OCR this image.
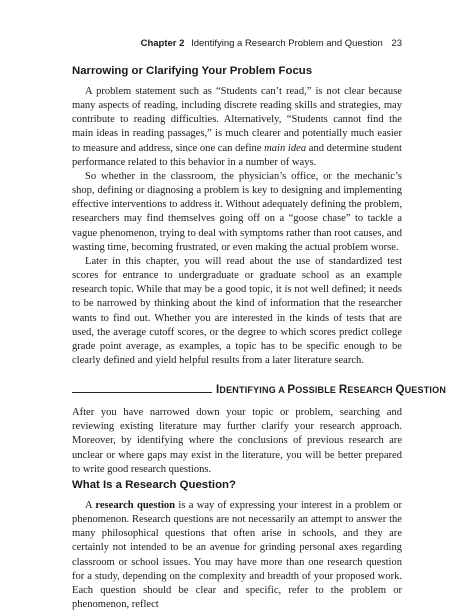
Chapter 2 Identifying a Research Problem and Question 23
Narrowing or Clarifying Your Problem Focus

A problem statement such as “Students can’t read,” is not clear because many aspects of reading, including discrete reading skills and strategies, may contribute to reading difficulties. Alternatively, “Students cannot find the main ideas in reading passages,” is much clearer and potentially much easier to measure and address, since one can define main idea and determine student performance related to this behavior in a number of ways.

So whether in the classroom, the physician’s office, or the mechanic’s shop, defining or diagnosing a problem is key to designing and implementing effective interventions to address it. Without adequately defining the problem, researchers may find themselves going off on a “goose chase” to tackle a vague phenomenon, trying to deal with symptoms rather than root causes, and wasting time, becoming frustrated, or even making the actual problem worse.

Later in this chapter, you will read about the use of standardized test scores for entrance to undergraduate or graduate school as an example research topic. While that may be a good topic, it is not well defined; it needs to be narrowed by thinking about the kind of information that the researcher wants to find out. Whether you are interested in the kinds of tests that are used, the average cutoff scores, or the degree to which scores predict college grade point average, as examples, a topic has to be specific enough to be clearly defined and yield helpful results from a later literature search.

IDENTIFYING A POSSIBLE RESEARCH QUESTION

After you have narrowed down your topic or problem, searching and reviewing existing literature may further clarify your research approach. Moreover, by identifying where the conclusions of previous research are unclear or where gaps may exist in the literature, you will be better prepared to write good research questions.

What Is a Research Question?

A research question is a way of expressing your interest in a problem or phenomenon. Research questions are not necessarily an attempt to answer the many philosophical questions that often arise in schools, and they are certainly not intended to be an avenue for grinding personal axes regarding classroom or school issues. You may have more than one research question for a study, depending on the complexity and breadth of your proposed work. Each question should be clear and specific, refer to the problem or phenomenon, reflect
